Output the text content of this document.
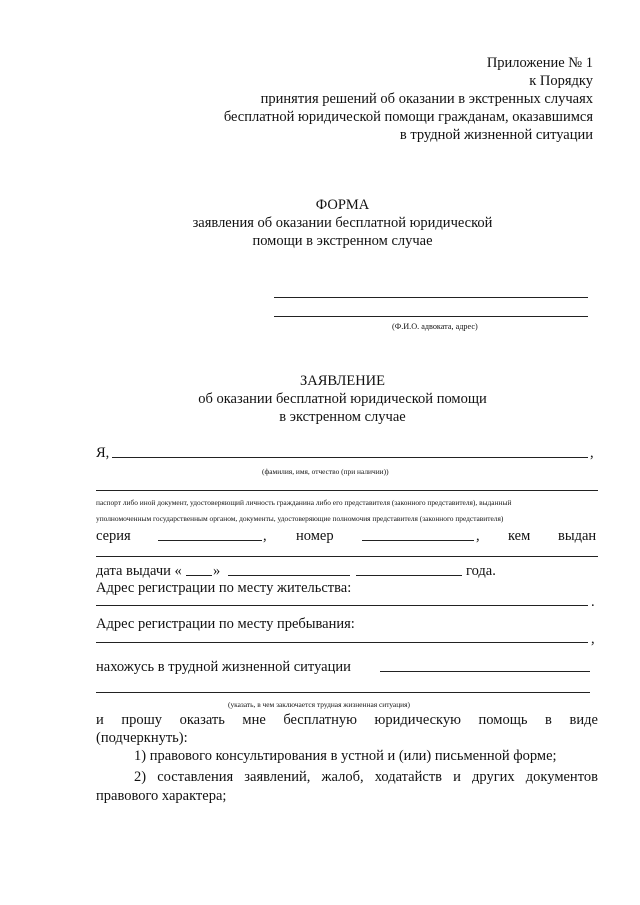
Приложение № 1
к Порядку
принятия решений об оказании в экстренных случаях
бесплатной юридической помощи гражданам, оказавшимся
в трудной жизненной ситуации
ФОРМА
заявления об оказании бесплатной юридической
помощи в экстренном случае
(Ф.И.О. адвоката, адрес)
ЗАЯВЛЕНИЕ
об оказании бесплатной юридической помощи
в экстренном случае
Я,	,
(фамилия, имя, отчество (при наличии))
паспорт либо иной документ, удостоверяющий личность гражданина либо его представителя (законного представителя), выданный
уполномоченным государственным органом, документы, удостоверяющие полномочия представителя (законного представителя)
серия	, номер	, кем выдан
дата выдачи « »	года.
Адрес регистрации по месту жительства:
.
Адрес регистрации по месту пребывания:
,
нахожусь в трудной жизненной ситуации
(указать, в чем заключается трудная жизненная ситуация)
и прошу оказать мне бесплатную юридическую помощь в виде
(подчеркнуть):
1) правового консультирования в устной и (или) письменной форме;
2) составления заявлений, жалоб, ходатайств и других документов
правового характера;
